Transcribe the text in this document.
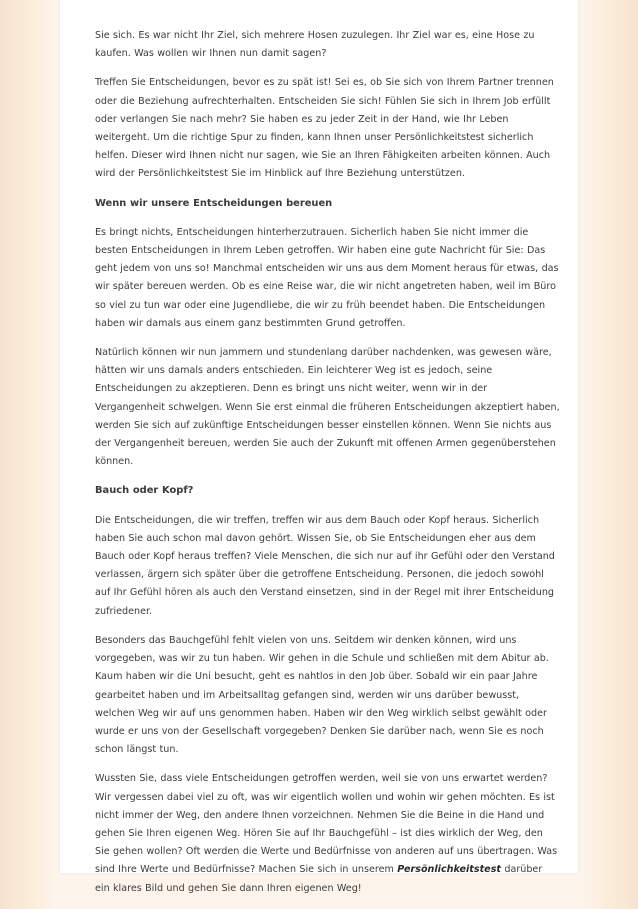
Sie sich. Es war nicht Ihr Ziel, sich mehrere Hosen zuzulegen. Ihr Ziel war es, eine Hose zu kaufen. Was wollen wir Ihnen nun damit sagen?

Treffen Sie Entscheidungen, bevor es zu spät ist! Sei es, ob Sie sich von Ihrem Partner trennen oder die Beziehung aufrechterhalten. Entscheiden Sie sich! Fühlen Sie sich in Ihrem Job erfüllt oder verlangen Sie nach mehr? Sie haben es zu jeder Zeit in der Hand, wie Ihr Leben weitergeht. Um die richtige Spur zu finden, kann Ihnen unser Persönlichkeitstest sicherlich helfen. Dieser wird Ihnen nicht nur sagen, wie Sie an Ihren Fähigkeiten arbeiten können. Auch wird der Persönlichkeitstest Sie im Hinblick auf Ihre Beziehung unterstützen.

Wenn wir unsere Entscheidungen bereuen

Es bringt nichts, Entscheidungen hinterherzutrauen. Sicherlich haben Sie nicht immer die besten Entscheidungen in Ihrem Leben getroffen. Wir haben eine gute Nachricht für Sie: Das geht jedem von uns so! Manchmal entscheiden wir uns aus dem Moment heraus für etwas, das wir später bereuen werden. Ob es eine Reise war, die wir nicht angetreten haben, weil im Büro so viel zu tun war oder eine Jugendliebe, die wir zu früh beendet haben. Die Entscheidungen haben wir damals aus einem ganz bestimmten Grund getroffen.

Natürlich können wir nun jammern und stundenlang darüber nachdenken, was gewesen wäre, hätten wir uns damals anders entschieden. Ein leichterer Weg ist es jedoch, seine Entscheidungen zu akzeptieren. Denn es bringt uns nicht weiter, wenn wir in der Vergangenheit schwelgen. Wenn Sie erst einmal die früheren Entscheidungen akzeptiert haben, werden Sie sich auf zukünftige Entscheidungen besser einstellen können. Wenn Sie nichts aus der Vergangenheit bereuen, werden Sie auch der Zukunft mit offenen Armen gegenüberstehen können.

Bauch oder Kopf?

Die Entscheidungen, die wir treffen, treffen wir aus dem Bauch oder Kopf heraus. Sicherlich haben Sie auch schon mal davon gehört. Wissen Sie, ob Sie Entscheidungen eher aus dem Bauch oder Kopf heraus treffen? Viele Menschen, die sich nur auf ihr Gefühl oder den Verstand verlassen, ärgern sich später über die getroffene Entscheidung. Personen, die jedoch sowohl auf Ihr Gefühl hören als auch den Verstand einsetzen, sind in der Regel mit ihrer Entscheidung zufriedener.

Besonders das Bauchgefühl fehlt vielen von uns. Seitdem wir denken können, wird uns vorgegeben, was wir zu tun haben. Wir gehen in die Schule und schließen mit dem Abitur ab. Kaum haben wir die Uni besucht, geht es nahtlos in den Job über. Sobald wir ein paar Jahre gearbeitet haben und im Arbeitsalltag gefangen sind, werden wir uns darüber bewusst, welchen Weg wir auf uns genommen haben. Haben wir den Weg wirklich selbst gewählt oder wurde er uns von der Gesellschaft vorgegeben? Denken Sie darüber nach, wenn Sie es noch schon längst tun.

Wussten Sie, dass viele Entscheidungen getroffen werden, weil sie von uns erwartet werden? Wir vergessen dabei viel zu oft, was wir eigentlich wollen und wohin wir gehen möchten. Es ist nicht immer der Weg, den andere Ihnen vorzeichnen. Nehmen Sie die Beine in die Hand und gehen Sie Ihren eigenen Weg. Hören Sie auf Ihr Bauchgefühl – ist dies wirklich der Weg, den Sie gehen wollen? Oft werden die Werte und Bedürfnisse von anderen auf uns übertragen. Was sind Ihre Werte und Bedürfnisse? Machen Sie sich in unserem Persönlichkeitstest darüber ein klares Bild und gehen Sie dann Ihren eigenen Weg!
